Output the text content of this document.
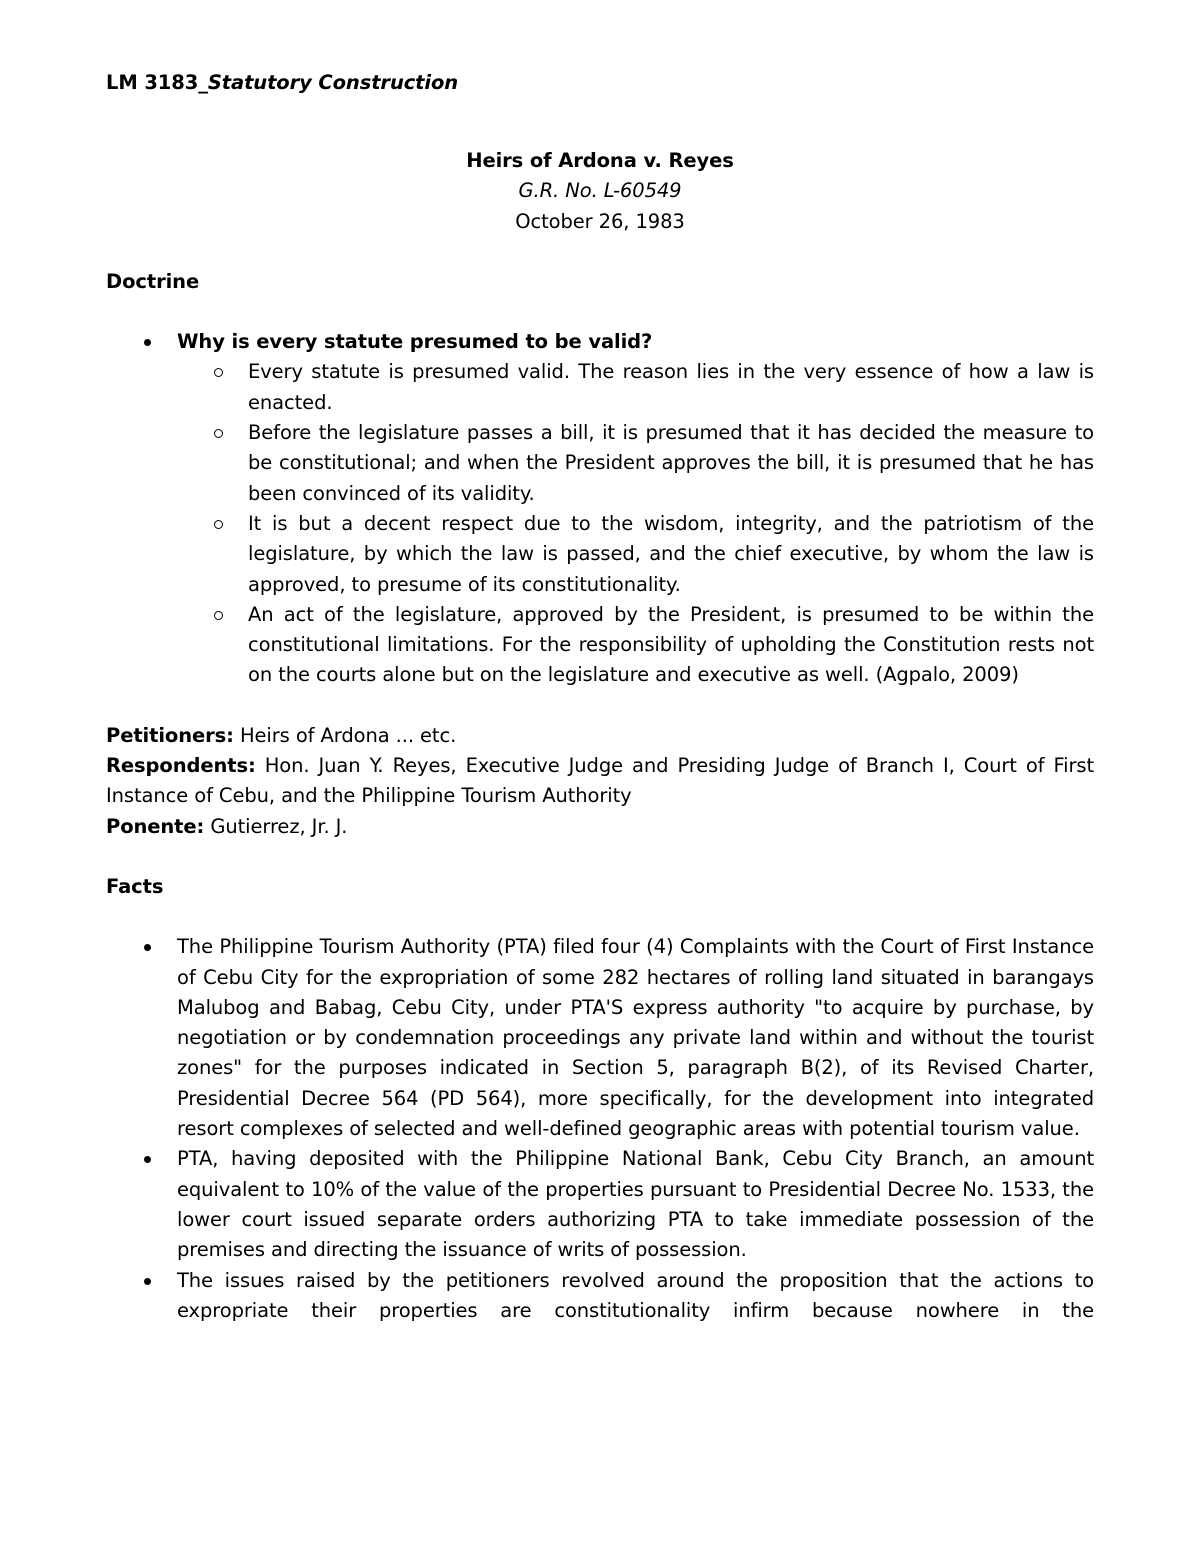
LM 3183_Statutory Construction

Heirs of Ardona v. Reyes
G.R. No. L-60549
October 26, 1983

Doctrine

Why is every statute presumed to be valid?
Every statute is presumed valid. The reason lies in the very essence of how a law is enacted.
Before the legislature passes a bill, it is presumed that it has decided the measure to be constitutional; and when the President approves the bill, it is presumed that he has been convinced of its validity.
It is but a decent respect due to the wisdom, integrity, and the patriotism of the legislature, by which the law is passed, and the chief executive, by whom the law is approved, to presume of its constitutionality.
An act of the legislature, approved by the President, is presumed to be within the constitutional limitations. For the responsibility of upholding the Constitution rests not on the courts alone but on the legislature and executive as well. (Agpalo, 2009)

Petitioners: Heirs of Ardona ... etc.

Respondents: Hon. Juan Y. Reyes, Executive Judge and Presiding Judge of Branch I, Court of First Instance of Cebu, and the Philippine Tourism Authority

Ponente: Gutierrez, Jr. J.

Facts

The Philippine Tourism Authority (PTA) filed four (4) Complaints with the Court of First Instance of Cebu City for the expropriation of some 282 hectares of rolling land situated in barangays Malubog and Babag, Cebu City, under PTA'S express authority "to acquire by purchase, by negotiation or by condemnation proceedings any private land within and without the tourist zones" for the purposes indicated in Section 5, paragraph B(2), of its Revised Charter, Presidential Decree 564 (PD 564), more specifically, for the development into integrated resort complexes of selected and well-defined geographic areas with potential tourism value.
PTA, having deposited with the Philippine National Bank, Cebu City Branch, an amount equivalent to 10% of the value of the properties pursuant to Presidential Decree No. 1533, the lower court issued separate orders authorizing PTA to take immediate possession of the premises and directing the issuance of writs of possession.
The issues raised by the petitioners revolved around the proposition that the actions to expropriate their properties are constitutionality infirm because nowhere in the
